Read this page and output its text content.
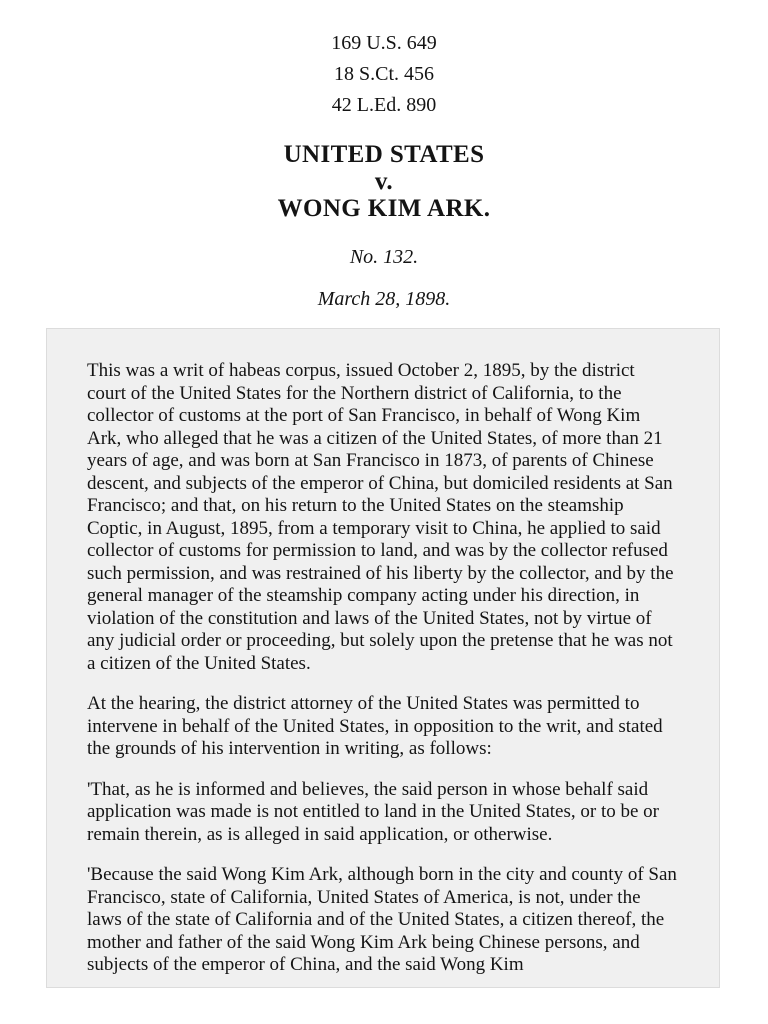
169 U.S. 649
18 S.Ct. 456
42 L.Ed. 890
UNITED STATES
v.
WONG KIM ARK.
No. 132.
March 28, 1898.

This was a writ of habeas corpus, issued October 2, 1895, by the district court of the United States for the Northern district of California, to the collector of customs at the port of San Francisco, in behalf of Wong Kim Ark, who alleged that he was a citizen of the United States, of more than 21 years of age, and was born at San Francisco in 1873, of parents of Chinese descent, and subjects of the emperor of China, but domiciled residents at San Francisco; and that, on his return to the United States on the steamship Coptic, in August, 1895, from a temporary visit to China, he applied to said collector of customs for permission to land, and was by the collector refused such permission, and was restrained of his liberty by the collector, and by the general manager of the steamship company acting under his direction, in violation of the constitution and laws of the United States, not by virtue of any judicial order or proceeding, but solely upon the pretense that he was not a citizen of the United States.

At the hearing, the district attorney of the United States was permitted to intervene in behalf of the United States, in opposition to the writ, and stated the grounds of his intervention in writing, as follows:

'That, as he is informed and believes, the said person in whose behalf said application was made is not entitled to land in the United States, or to be or remain therein, as is alleged in said application, or otherwise.

'Because the said Wong Kim Ark, although born in the city and county of San Francisco, state of California, United States of America, is not, under the laws of the state of California and of the United States, a citizen thereof, the mother and father of the said Wong Kim Ark being Chinese persons, and subjects of the emperor of China, and the said Wong Kim
